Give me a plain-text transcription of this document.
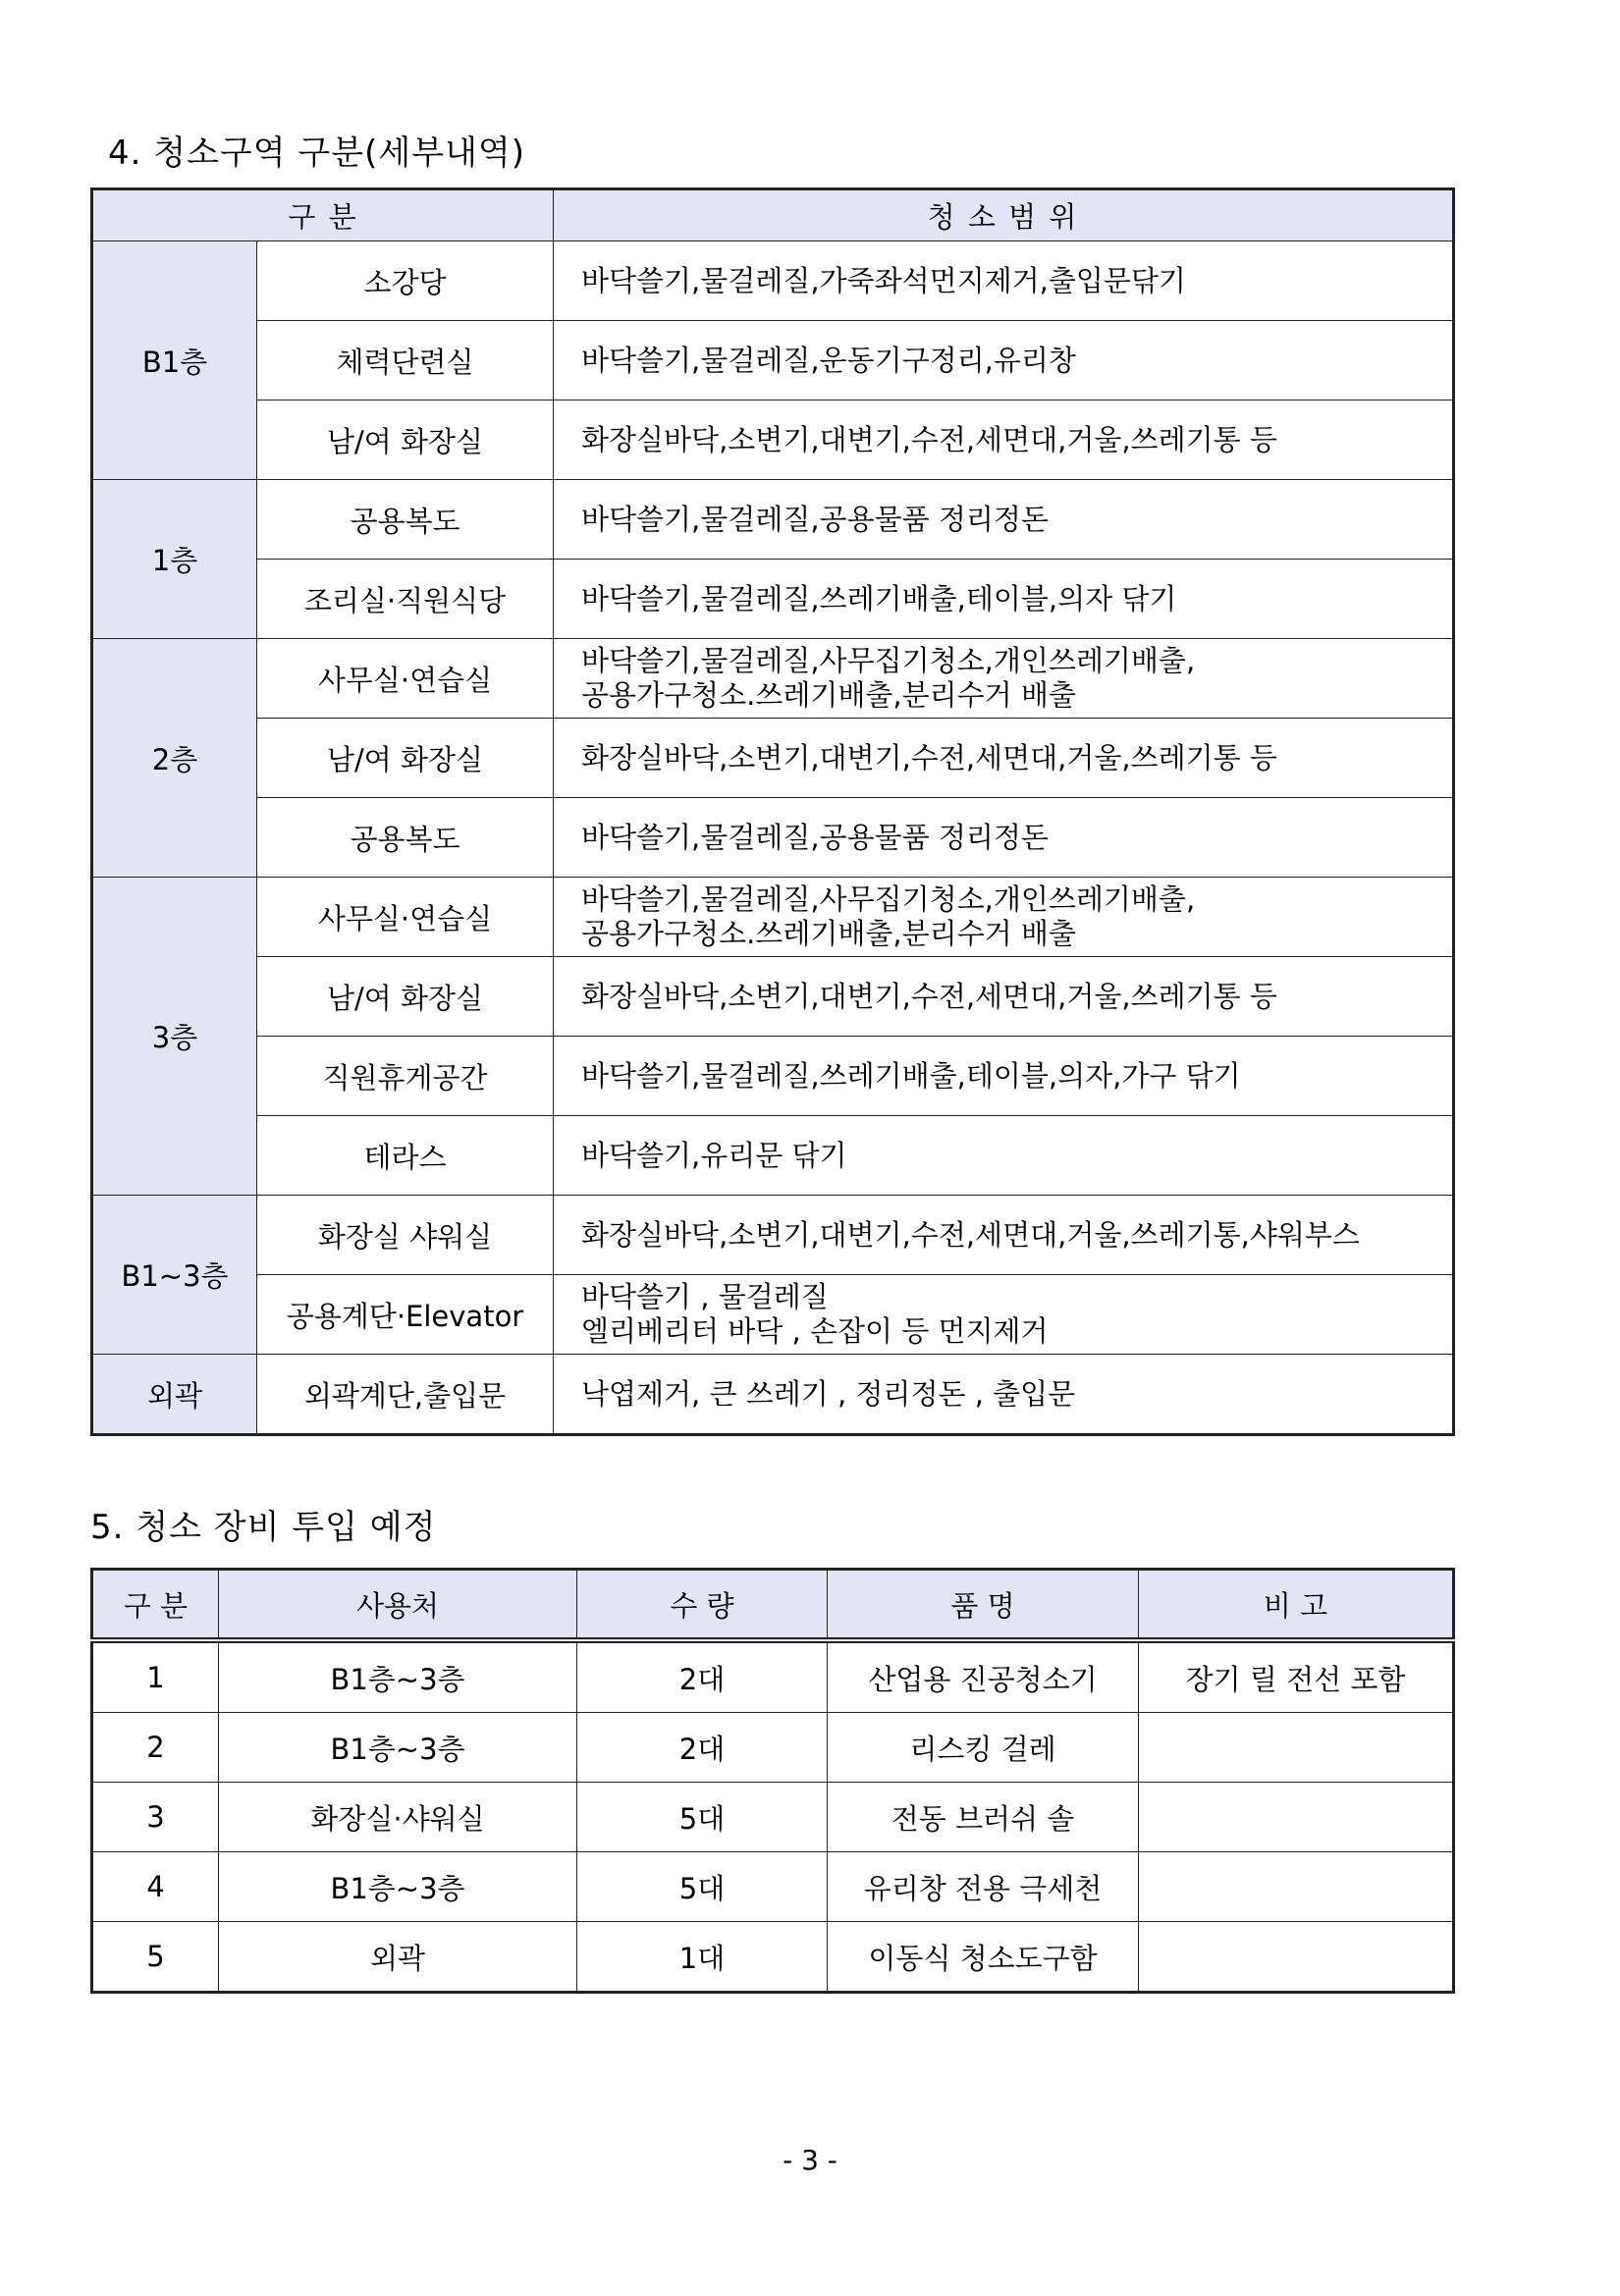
4. 청소구역 구분(세부내역)
구 분		청 소 범 위
B1층	소강당	바닥쓸기,물걸레질,가죽좌석먼지제거,출입문닦기
	체력단련실	바닥쓸기,물걸레질,운동기구정리,유리창
	남/여 화장실	화장실바닥,소변기,대변기,수전,세면대,거울,쓰레기통 등
1층	공용복도	바닥쓸기,물걸레질,공용물품 정리정돈
	조리실·직원식당	바닥쓸기,물걸레질,쓰레기배출,테이블,의자 닦기
2층	사무실·연습실	바닥쓸기,물걸레질,사무집기청소,개인쓰레기배출,
공용가구청소.쓰레기배출,분리수거 배출

	남/여 화장실	화장실바닥,소변기,대변기,수전,세면대,거울,쓰레기통 등
	공용복도	바닥쓸기,물걸레질,공용물품 정리정돈
3층	사무실·연습실	바닥쓸기,물걸레질,사무집기청소,개인쓰레기배출,
공용가구청소.쓰레기배출,분리수거 배출

	남/여 화장실	화장실바닥,소변기,대변기,수전,세면대,거울,쓰레기통 등
	직원휴게공간	바닥쓸기,물걸레질,쓰레기배출,테이블,의자,가구 닦기
	테라스	바닥쓸기,유리문 닦기
B1~3층	화장실 샤워실	화장실바닥,소변기,대변기,수전,세면대,거울,쓰레기통,샤워부스
	공용계단·Elevator	바닥쓸기 , 물걸레질
엘리베리터 바닥 , 손잡이 등 먼지제거

외곽	외곽계단,출입문	낙엽제거, 큰 쓰레기 , 정리정돈 , 출입문
5. 청소 장비 투입 예정
구 분	사용처	수 량	품 명	비 고
1	B1층~3층	2대	산업용 진공청소기	장기 릴 전선 포함
2	B1층~3층	2대	리스킹 걸레	
3	화장실·샤워실	5대	전동 브러쉬 솔	
4	B1층~3층	5대	유리창 전용 극세천	
5	외곽	1대	이동식 청소도구함	
- 3 -
